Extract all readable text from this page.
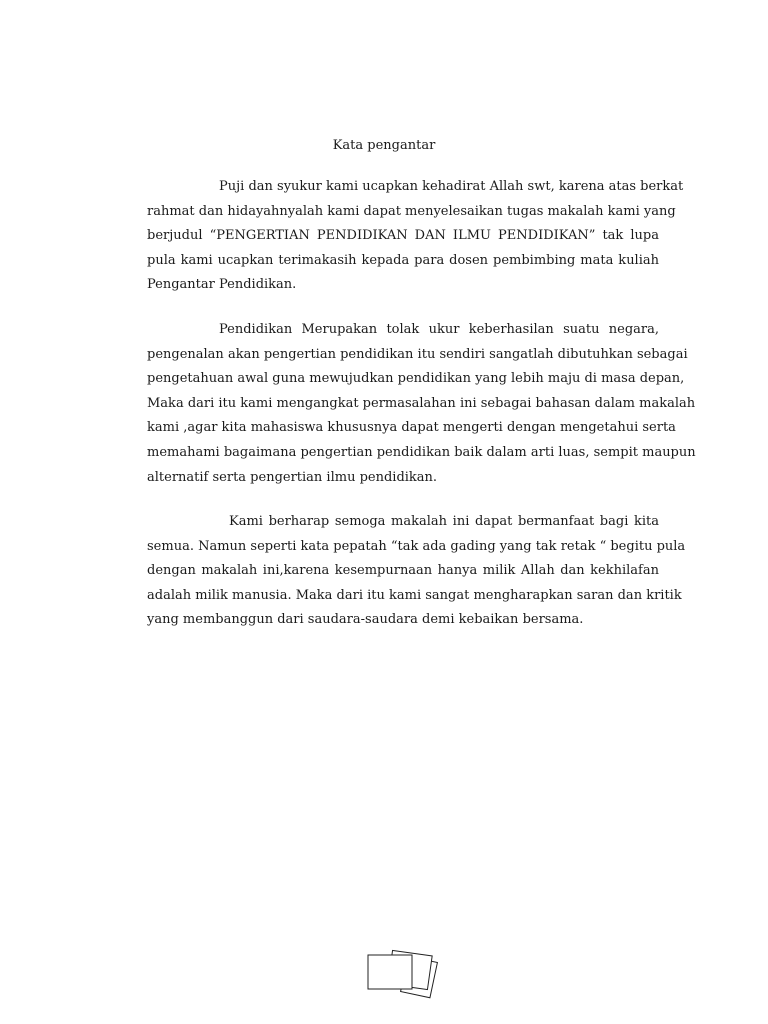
Kata pengantar
Puji dan syukur kami ucapkan kehadirat Allah swt, karena atas berkat
rahmat dan hidayahnyalah kami dapat menyelesaikan tugas makalah kami yang
berjudul “PENGERTIAN PENDIDIKAN DAN ILMU PENDIDIKAN” tak lupa
pula kami ucapkan terimakasih kepada para dosen pembimbing mata kuliah
Pengantar Pendidikan.
Pendidikan Merupakan tolak ukur keberhasilan suatu negara,
pengenalan akan pengertian pendidikan itu sendiri sangatlah dibutuhkan sebagai
pengetahuan awal guna mewujudkan pendidikan yang lebih maju di masa depan,
Maka dari itu kami mengangkat permasalahan ini sebagai bahasan dalam makalah
kami ,agar kita mahasiswa khususnya dapat mengerti dengan mengetahui serta
memahami bagaimana pengertian pendidikan baik dalam arti luas, sempit maupun
alternatif serta pengertian ilmu pendidikan.
Kami berharap semoga makalah ini dapat bermanfaat bagi kita
semua. Namun seperti kata pepatah “tak ada gading yang tak retak “ begitu pula
dengan makalah ini,karena kesempurnaan hanya milik Allah dan kekhilafan
adalah milik manusia. Maka dari itu kami sangat mengharapkan saran dan kritik
yang membanggun dari saudara-saudara demi kebaikan bersama.
